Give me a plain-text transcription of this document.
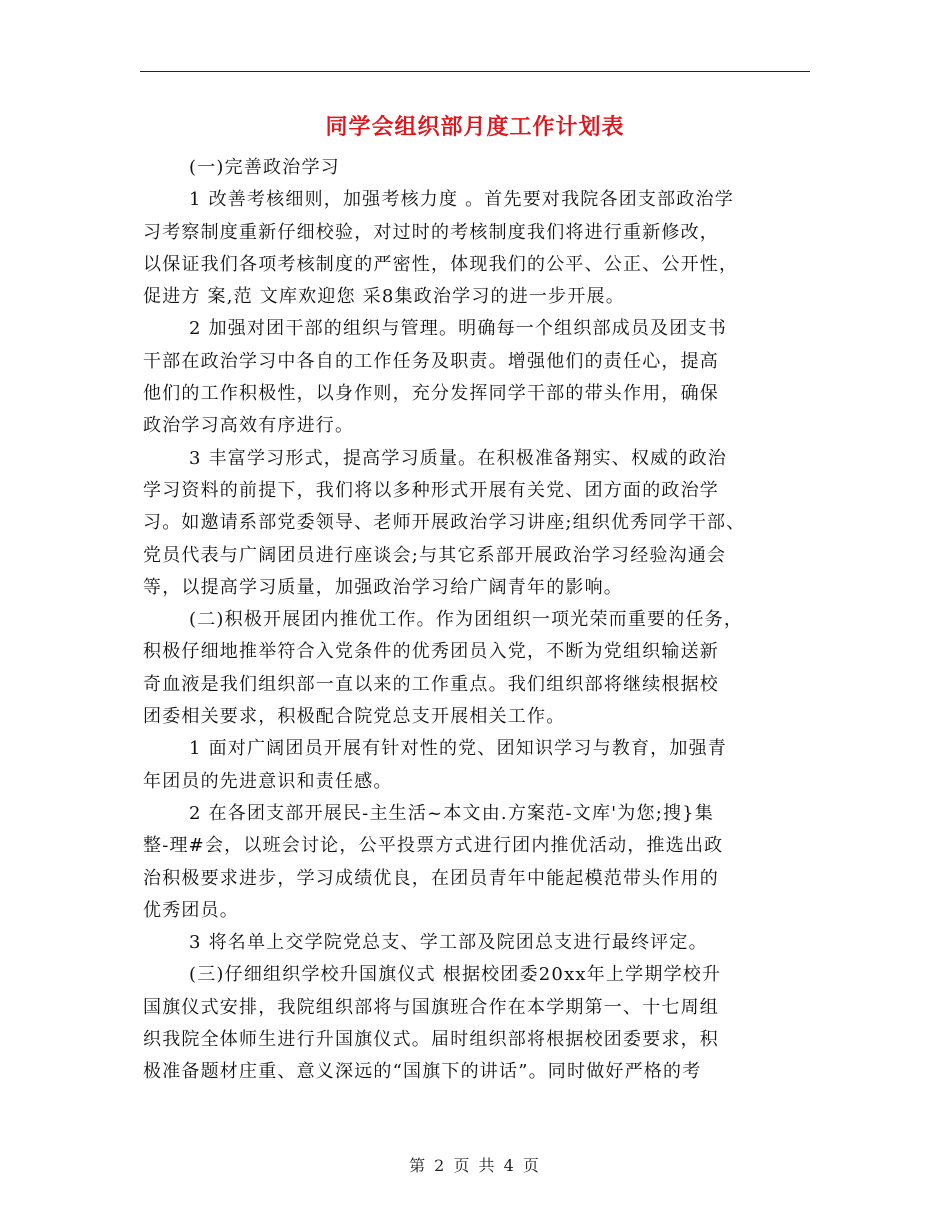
同学会组织部月度工作计划表
(一)完善政治学习
1 改善考核细则，加强考核力度 。首先要对我院各团支部政治学
习考察制度重新仔细校验，对过时的考核制度我们将进行重新修改，
以保证我们各项考核制度的严密性，体现我们的公平、公正、公开性，
促进方 案,范 文库欢迎您 采8集政治学习的进一步开展。
2 加强对团干部的组织与管理。明确每一个组织部成员及团支书
干部在政治学习中各自的工作任务及职责。增强他们的责任心，提高
他们的工作积极性，以身作则，充分发挥同学干部的带头作用，确保
政治学习高效有序进行。
3 丰富学习形式，提高学习质量。在积极准备翔实、权威的政治
学习资料的前提下，我们将以多种形式开展有关党、团方面的政治学
习。如邀请系部党委领导、老师开展政治学习讲座;组织优秀同学干部、
党员代表与广阔团员进行座谈会;与其它系部开展政治学习经验沟通会
等，以提高学习质量，加强政治学习给广阔青年的影响。
(二)积极开展团内推优工作。作为团组织一项光荣而重要的任务，
积极仔细地推举符合入党条件的优秀团员入党，不断为党组织输送新
奇血液是我们组织部一直以来的工作重点。我们组织部将继续根据校
团委相关要求，积极配合院党总支开展相关工作。
1 面对广阔团员开展有针对性的党、团知识学习与教育，加强青
年团员的先进意识和责任感。
2 在各团支部开展民-主生活~本文由.方案范-文库'为您;搜}集
整-理#会，以班会讨论，公平投票方式进行团内推优活动，推选出政
治积极要求进步，学习成绩优良，在团员青年中能起模范带头作用的
优秀团员。
3 将名单上交学院党总支、学工部及院团总支进行最终评定。
(三)仔细组织学校升国旗仪式 根据校团委20xx年上学期学校升
国旗仪式安排，我院组织部将与国旗班合作在本学期第一、十七周组
织我院全体师生进行升国旗仪式。届时组织部将根据校团委要求，积
极准备题材庄重、意义深远的“国旗下的讲话”。同时做好严格的考
第 2 页 共 4 页
